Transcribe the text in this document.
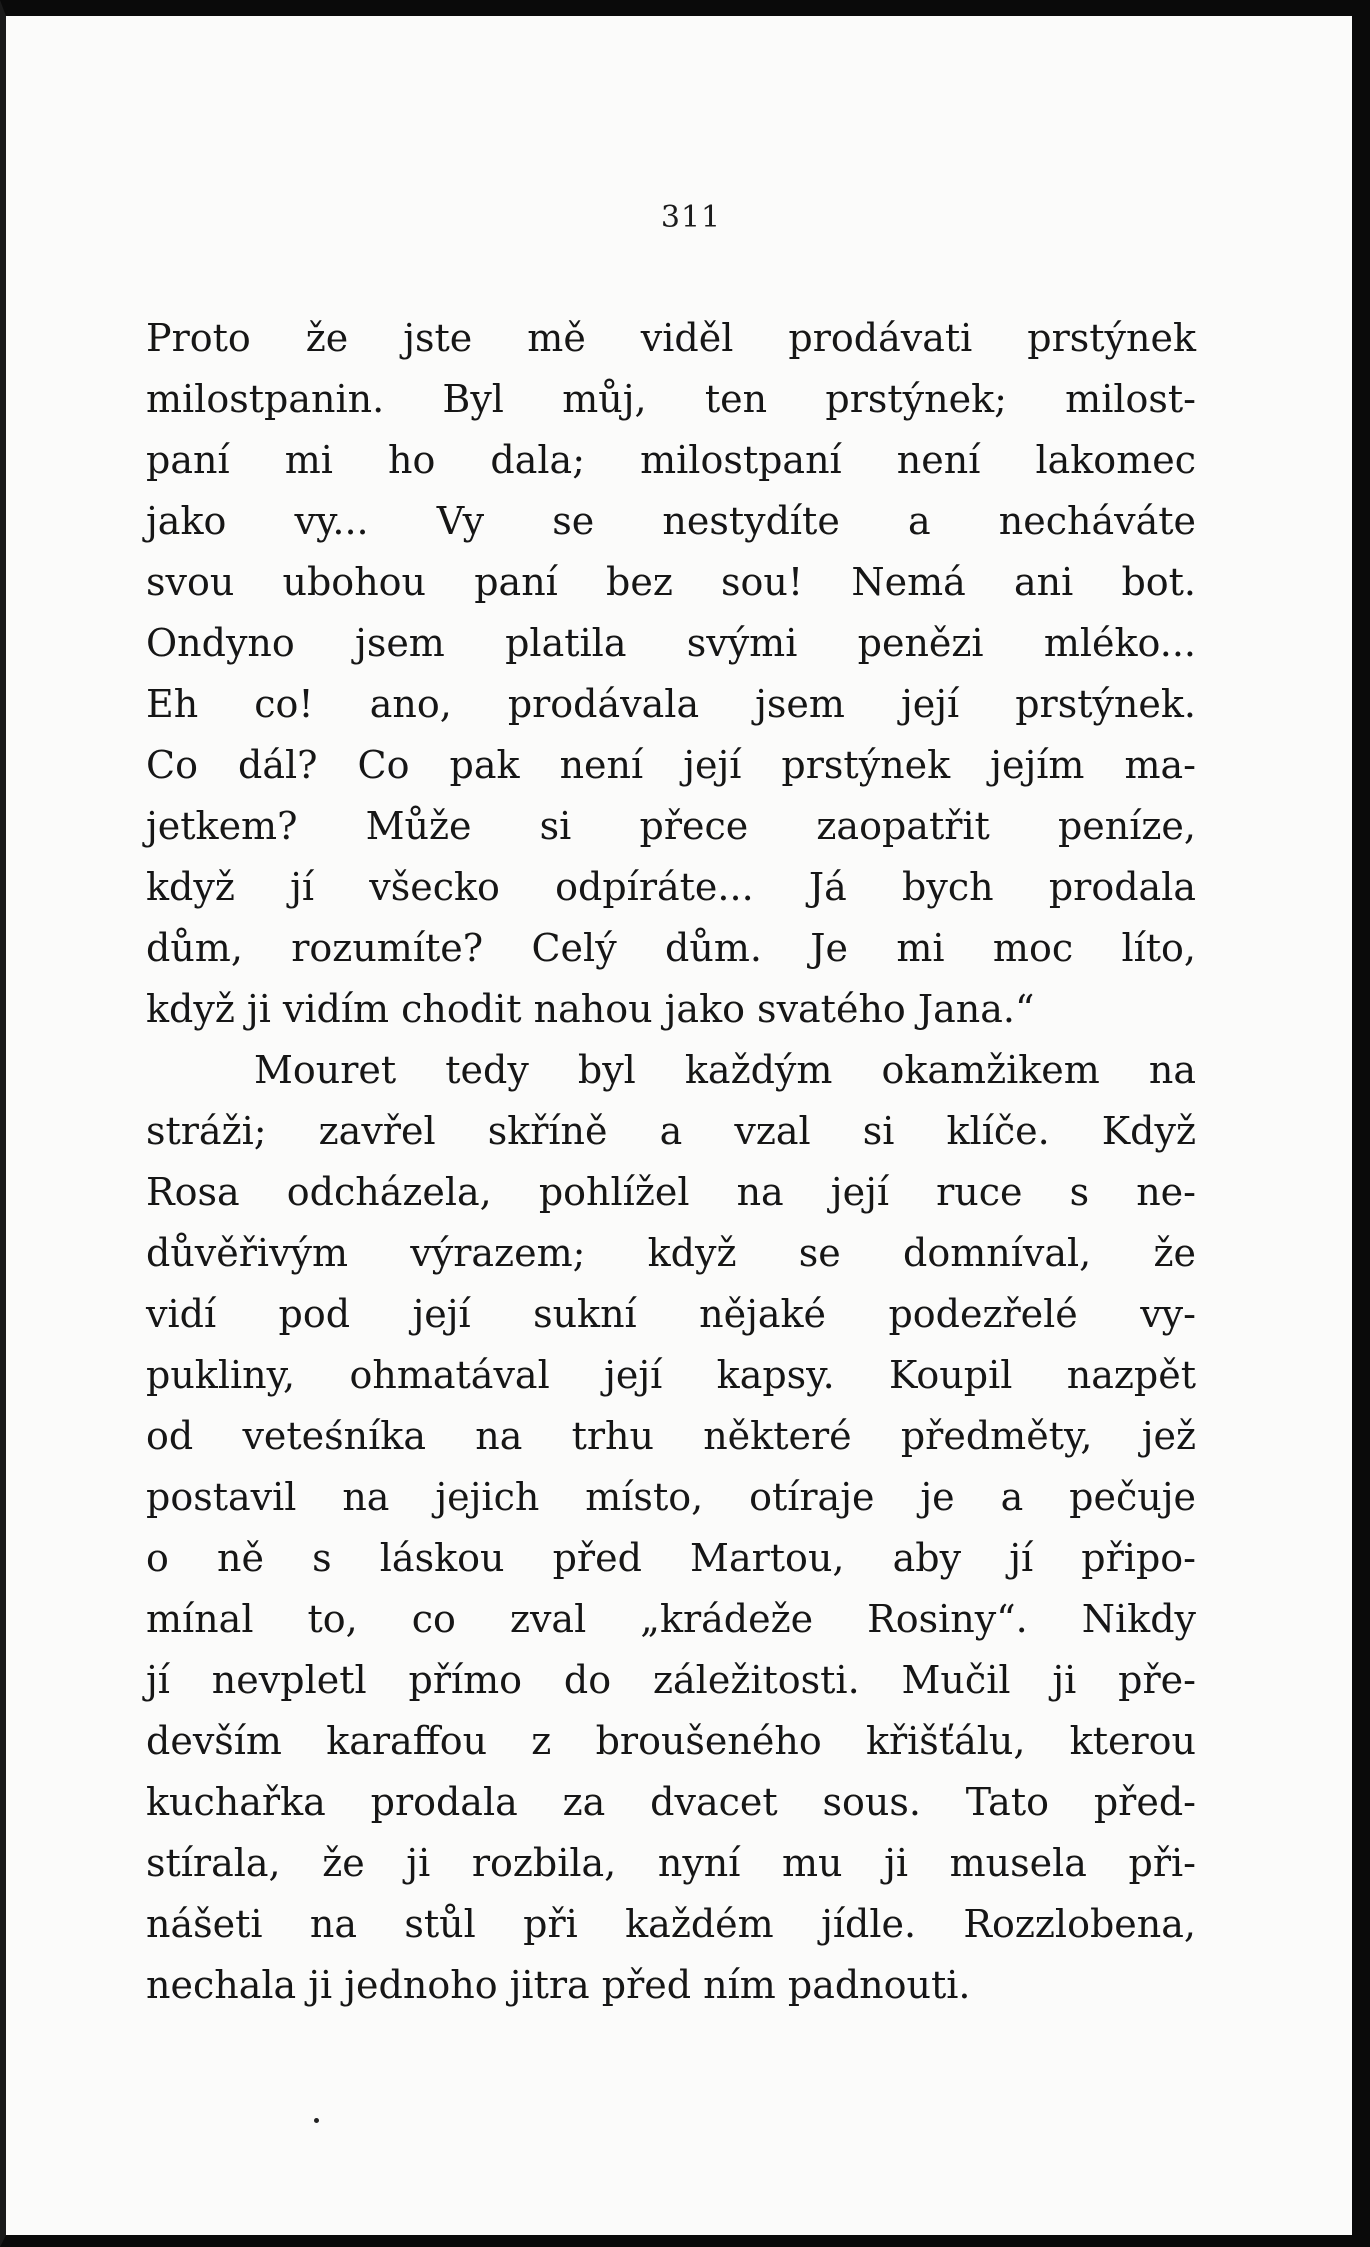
311
Proto že jste mě viděl prodávati prstýnek
milostpanin. Byl můj, ten prstýnek; milost-
paní mi ho dala; milostpaní není lakomec
jako vy... Vy se nestydíte a necháváte
svou ubohou paní bez sou! Nemá ani bot.
Ondyno jsem platila svými penězi mléko...
Eh co! ano, prodávala jsem její prstýnek.
Co dál? Co pak není její prstýnek jejím ma-
jetkem? Může si přece zaopatřit peníze,
když jí všecko odpíráte... Já bych prodala
dům, rozumíte? Celý dům. Je mi moc líto,
když ji vidím chodit nahou jako svatého Jana.“
Mouret tedy byl každým okamžikem na
stráži; zavřel skříně a vzal si klíče. Když
Rosa odcházela, pohlížel na její ruce s ne-
důvěřivým výrazem; když se domníval, že
vidí pod její sukní nějaké podezřelé vy-
pukliny, ohmatával její kapsy. Koupil nazpět
od veteśníka na trhu některé předměty, jež
postavil na jejich místo, otíraje je a pečuje
o ně s láskou před Martou, aby jí připo-
mínal to, co zval „krádeže Rosiny“. Nikdy
jí nevpletl přímo do záležitosti. Mučil ji pře-
devším karaffou z broušeného křišťálu, kterou
kuchařka prodala za dvacet sous. Tato před-
stírala, že ji rozbila, nyní mu ji musela při-
nášeti na stůl při každém jídle. Rozzlobena,
nechala ji jednoho jitra před ním padnouti.
